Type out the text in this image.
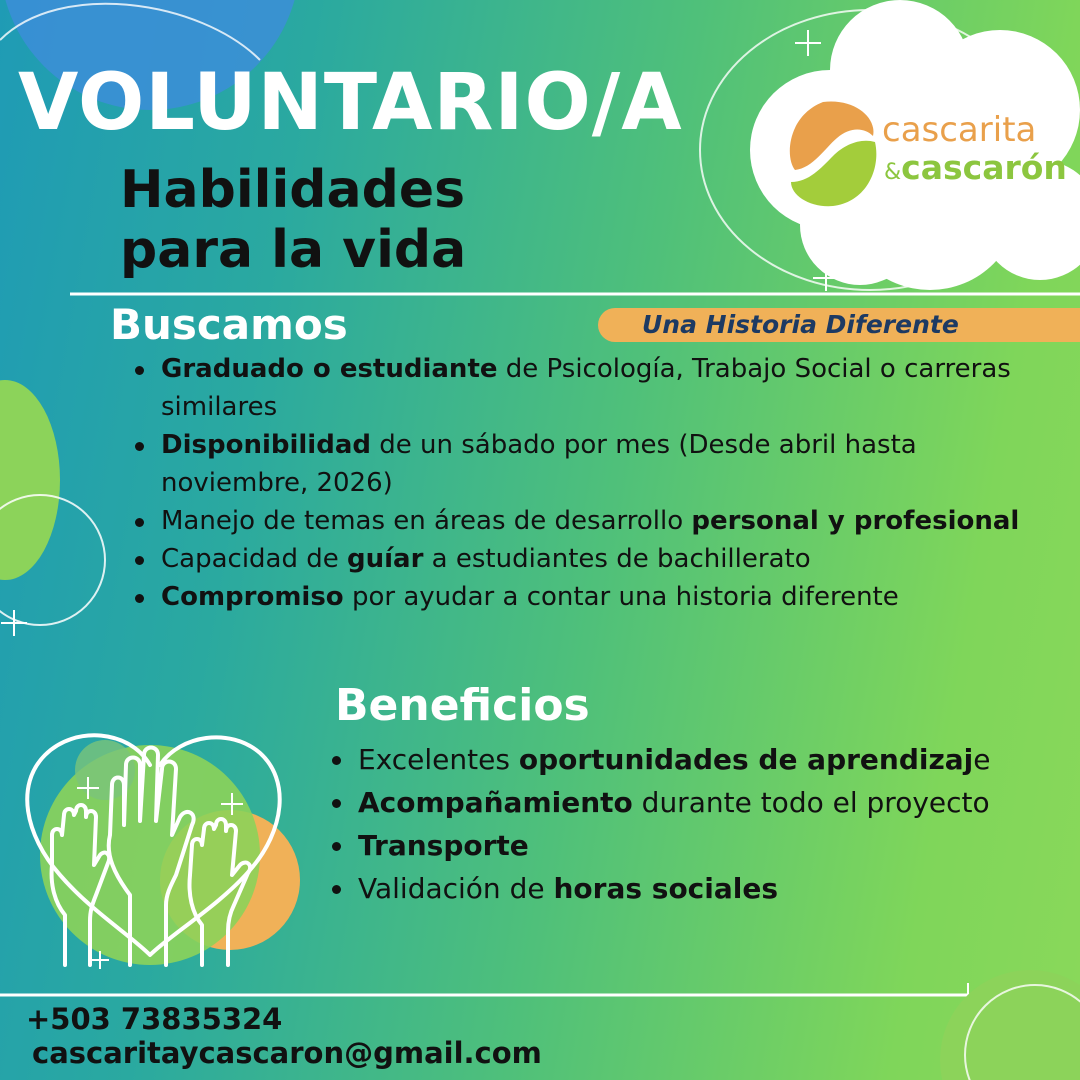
VOLUNTARIO/A
Habilidades
para la vida
cascarita
&cascarón
Buscamos	Una Historia Diferente
Graduado o estudiante de Psicología, Trabajo Social o carreras similares
Disponibilidad de un sábado por mes (Desde abril hasta noviembre, 2026)
Manejo de temas en áreas de desarrollo personal y profesional
Capacidad de guíar a estudiantes de bachillerato
Compromiso por ayudar a contar una historia diferente
Beneficios
Excelentes oportunidades de aprendizaje
Acompañamiento durante todo el proyecto
Transporte
Validación de horas sociales

+503 73835324

cascaritaycascaron@gmail.com
